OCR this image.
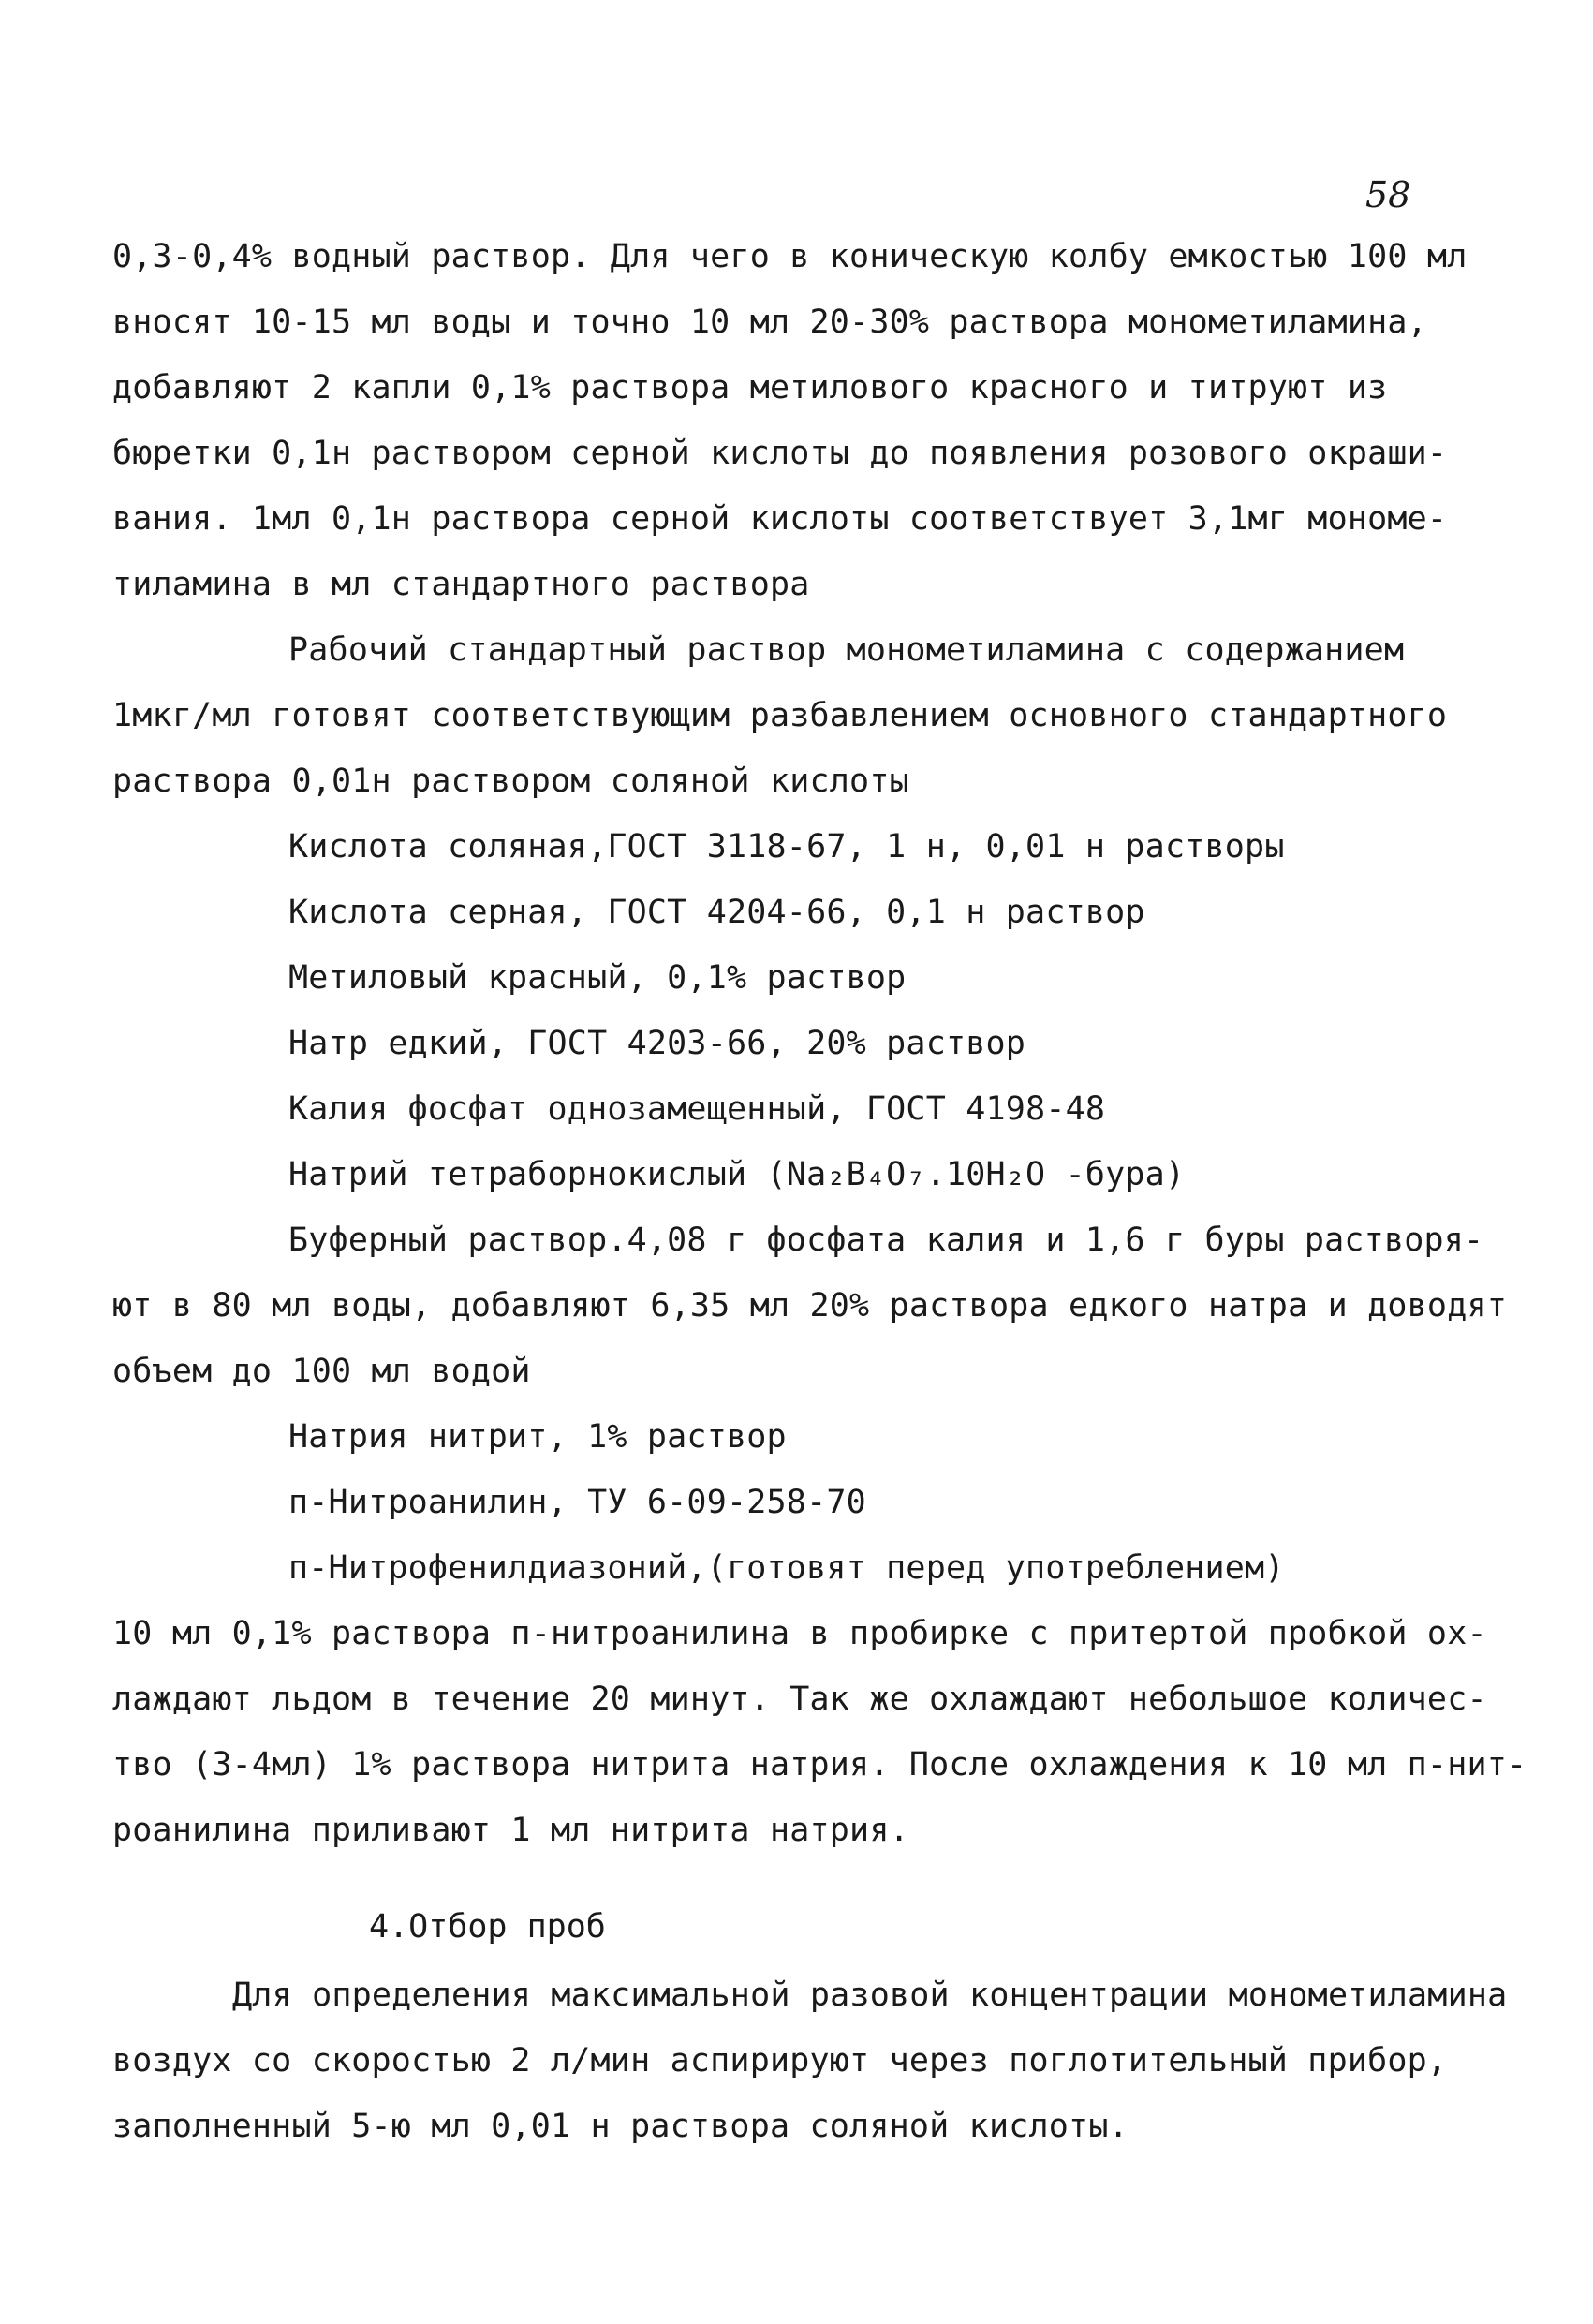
58
0,3-0,4% водный раствор. Для чего в коническую колбу емкостью 100 мл
вносят 10-15 мл воды и точно 10 мл 20-30% раствора монометиламина,
добавляют 2 капли 0,1% раствора метилового красного и титруют из
бюретки 0,1н раствором серной кислоты до появления розового окраши-
вания. 1мл 0,1н раствора серной кислоты соответствует 3,1мг мономе-
тиламина в мл стандартного раствора
Рабочий стандартный раствор монометиламина с содержанием
1мкг/мл готовят соответствующим разбавлением основного стандартного
раствора 0,01н раствором соляной кислоты
Кислота соляная,ГОСТ 3118-67, 1 н, 0,01 н растворы
Кислота серная, ГОСТ 4204-66, 0,1 н раствор
Метиловый красный, 0,1% раствор
Натр едкий, ГОСТ 4203-66, 20% раствор
Калия фосфат однозамещенный, ГОСТ 4198-48
Натрий тетраборнокислый (Na₂B₄O₇.10H₂O -бура)
Буферный раствор.4,08 г фосфата калия и 1,6 г буры растворя-
ют в 80 мл воды, добавляют 6,35 мл 20% раствора едкого натра и доводят
объем до 100 мл водой
Натрия нитрит, 1% раствор
п-Нитроанилин, ТУ 6-09-258-70
п-Нитрофенилдиазоний,(готовят перед употреблением)
10 мл 0,1% раствора п-нитроанилина в пробирке с притертой пробкой ох-
лаждают льдом в течение 20 минут. Так же охлаждают небольшое количес-
тво (3-4мл) 1% раствора нитрита натрия. После охлаждения к 10 мл п-нит-
роанилина приливают 1 мл нитрита натрия.
4.Отбор проб
Для определения максимальной разовой концентрации монометиламина
воздух со скоростью 2 л/мин аспирируют через поглотительный прибор,
заполненный 5-ю мл 0,01 н раствора соляной кислоты.
